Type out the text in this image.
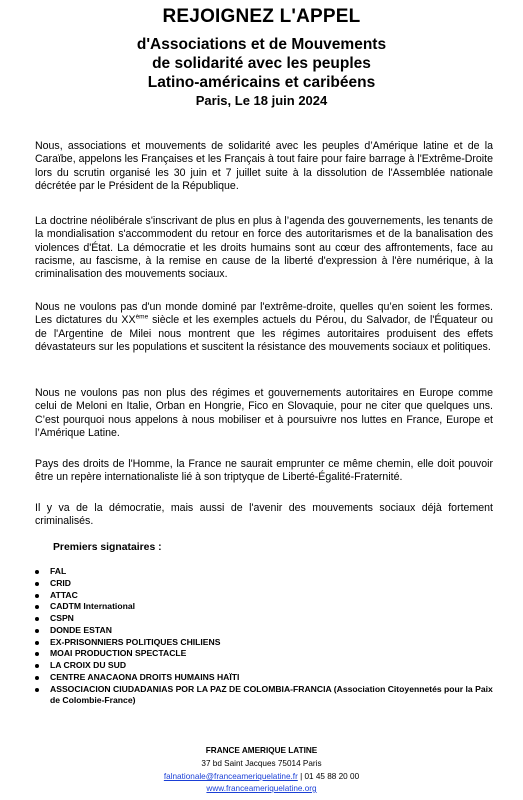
REJOIGNEZ L'APPEL
d'Associations et de Mouvements
de solidarité avec les peuples
Latino-américains et caribéens
Paris, Le 18 juin 2024

Nous, associations et mouvements de solidarité avec les peuples d’Amérique latine et de la Caraïbe, appelons les Françaises et les Français à tout faire pour faire barrage à l'Extrême-Droite lors du scrutin organisé les 30 juin et 7 juillet suite à la dissolution de l'Assemblée nationale décrétée par le Président de la République.

La doctrine néolibérale s'inscrivant de plus en plus à l’agenda des gouvernements, les tenants de la mondialisation s'accommodent du retour en force des autoritarismes et de la banalisation des violences d'État. La démocratie et les droits humains sont au cœur des affrontements, face au racisme, au fascisme, à la remise en cause de la liberté d'expression à l'ère numérique, à la criminalisation des mouvements sociaux.

Nous ne voulons pas d'un monde dominé par l'extrême-droite, quelles qu’en soient les formes. Les dictatures du XXème siècle et les exemples actuels du Pérou, du Salvador, de l'Équateur ou de l'Argentine de Milei nous montrent que les régimes autoritaires produisent des effets dévastateurs sur les populations et suscitent la résistance des mouvements sociaux et politiques.

Nous ne voulons pas non plus des régimes et gouvernements autoritaires en Europe comme celui de Meloni en Italie, Orban en Hongrie, Fico en Slovaquie, pour ne citer que quelques uns. C’est pourquoi nous appelons à nous mobiliser et à poursuivre nos luttes en France, Europe et l’Amérique Latine.

Pays des droits de l'Homme, la France ne saurait emprunter ce même chemin, elle doit pouvoir être un repère internationaliste lié à son triptyque de Liberté-Égalité-Fraternité.

Il y va de la démocratie, mais aussi de l'avenir des mouvements sociaux déjà fortement criminalisés.

Premiers signataires :
FAL
CRID
ATTAC
CADTM International
CSPN
DONDE ESTAN
EX-PRISONNIERS POLITIQUES CHILIENS
MOAI PRODUCTION SPECTACLE
LA CROIX DU SUD
CENTRE ANACAONA DROITS HUMAINS HAÏTI
ASSOCIACION CIUDADANIAS POR LA PAZ DE COLOMBIA-FRANCIA (Association Citoyennetés pour la Paix de Colombie-France)
FRANCE AMERIQUE LATINE
37 bd Saint Jacques 75014 Paris
falnationale@franceameriquelatine.fr | 01 45 88 20 00
www.franceameriquelatine.org
